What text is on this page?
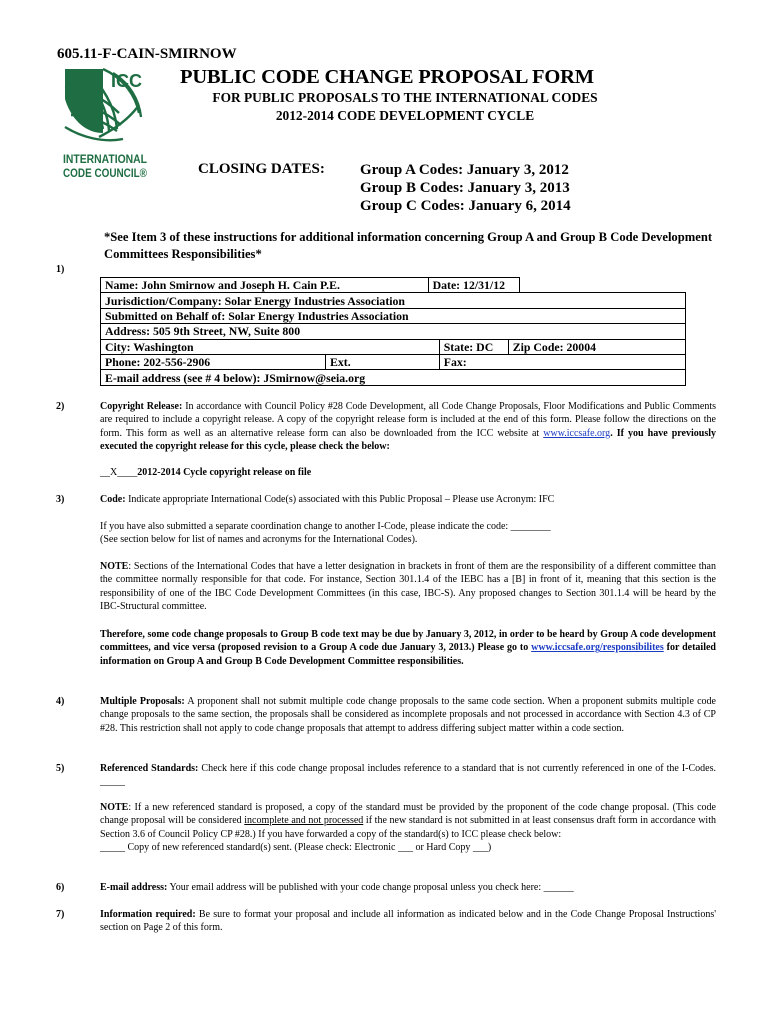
605.11-F-CAIN-SMIRNOW
ICC
INTERNATIONAL
CODE COUNCIL®
PUBLIC CODE CHANGE PROPOSAL FORM
FOR PUBLIC PROPOSALS TO THE INTERNATIONAL CODES
2012-2014 CODE DEVELOPMENT CYCLE
CLOSING DATES: Group A Codes: January 3, 2012
Group B Codes: January 3, 2013
Group C Codes: January 6, 2014
*See Item 3 of these instructions for additional information concerning Group A and Group B Code Development Committees Responsibilities*
1)
Name: John Smirnow and Joseph H. Cain P.E.		Date: 12/31/12			
Jurisdiction/Company: Solar Energy Industries Association					
Submitted on Behalf of: Solar Energy Industries Association					
Address: 505 9th Street, NW, Suite 800					
City: Washington			State: DC	Zip Code: 20004	
Phone: 202-556-2906	Ext.		Fax:		
E-mail address (see # 4 below): JSmirnow@seia.org					
2)	Copyright Release: In accordance with Council Policy #28 Code Development, all Code Change Proposals, Floor Modifications and Public Comments are required to include a copyright release. A copy of the copyright release form is included at the end of this form. Please follow the directions on the form. This form as well as an alternative release form can also be downloaded from the ICC website at www.iccsafe.org. If you have previously executed the copyright release for this cycle, please check the below:
__X____2012-2014 Cycle copyright release on file
3)	Code: Indicate appropriate International Code(s) associated with this Public Proposal – Please use Acronym: IFC
If you have also submitted a separate coordination change to another I-Code, please indicate the code: ________
(See section below for list of names and acronyms for the International Codes).
NOTE: Sections of the International Codes that have a letter designation in brackets in front of them are the responsibility of a different committee than the committee normally responsible for that code. For instance, Section 301.1.4 of the IEBC has a [B] in front of it, meaning that this section is the responsibility of one of the IBC Code Development Committees (in this case, IBC-S). Any proposed changes to Section 301.1.4 will be heard by the IBC-Structural committee.
Therefore, some code change proposals to Group B code text may be due by January 3, 2012, in order to be heard by Group A code development committees, and vice versa (proposed revision to a Group A code due January 3, 2013.) Please go to www.iccsafe.org/responsibilites for detailed information on Group A and Group B Code Development Committee responsibilities.
4)	Multiple Proposals: A proponent shall not submit multiple code change proposals to the same code section. When a proponent submits multiple code change proposals to the same section, the proposals shall be considered as incomplete proposals and not processed in accordance with Section 4.3 of CP #28. This restriction shall not apply to code change proposals that attempt to address differing subject matter within a code section.
5)	Referenced Standards: Check here if this code change proposal includes reference to a standard that is not currently referenced in one of the I-Codes. _____
NOTE: If a new referenced standard is proposed, a copy of the standard must be provided by the proponent of the code change proposal. (This code change proposal will be considered incomplete and not processed if the new standard is not submitted in at least consensus draft form in accordance with Section 3.6 of Council Policy CP #28.) If you have forwarded a copy of the standard(s) to ICC please check below:
_____ Copy of new referenced standard(s) sent. (Please check: Electronic ___ or Hard Copy ___)
6)	E-mail address: Your email address will be published with your code change proposal unless you check here: ______
7)	Information required: Be sure to format your proposal and include all information as indicated below and in the Code Change Proposal Instructions' section on Page 2 of this form.
